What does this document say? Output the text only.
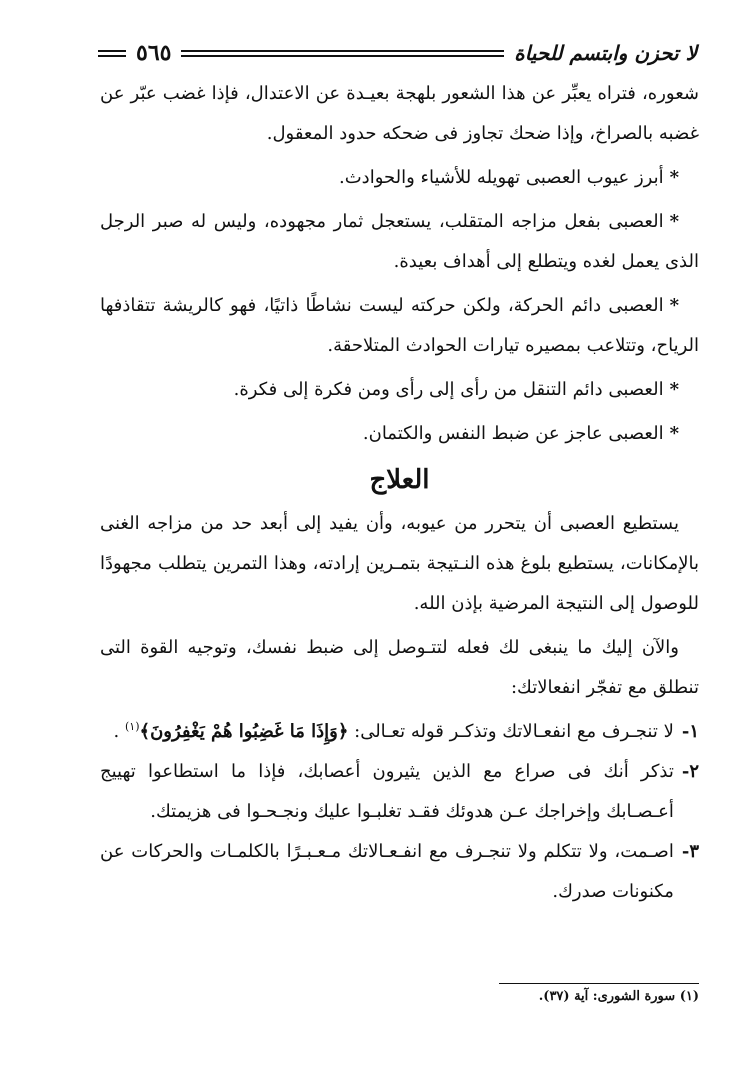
لا تحزن وابتسم للحياة
٥٦٥

شعوره، فتراه يعبِّر عن هذا الشعور بلهجة بعيـدة عن الاعتدال، فإذا غضب عبّر عن غضبه بالصراخ، وإذا ضحك تجاوز فى ضحكه حدود المعقول.

*أبرز عيوب العصبى تهويله للأشياء والحوادث.

*العصبى بفعل مزاجه المتقلب، يستعجل ثمار مجهوده، وليس له صبر الرجل الذى يعمل لغده ويتطلع إلى أهداف بعيدة.

*العصبى دائم الحركة، ولكن حركته ليست نشاطًا ذاتيًا، فهو كالريشة تتقاذفها الرياح، وتتلاعب بمصيره تيارات الحوادث المتلاحقة.

*العصبى دائم التنقل من رأى إلى رأى ومن فكرة إلى فكرة.

*العصبى عاجز عن ضبط النفس والكتمان.

العلاج

يستطيع العصبى أن يتحرر من عيوبه، وأن يفيد إلى أبعد حد من مزاجه الغنى بالإمكانات، يستطيع بلوغ هذه النـتيجة بتمـرين إرادته، وهذا التمرين يتطلب مجهودًا للوصول إلى النتيجة المرضية بإذن الله.

والآن إليك ما ينبغى لك فعله لتتـوصل إلى ضبط نفسك، وتوجيه القوة التى تنطلق مع تفجّر انفعالاتك:

١-
لا تنجـرف مع انفعـالاتك وتذكـر قوله تعـالى: ﴿وَإِذَا مَا غَضِبُوا هُمْ يَغْفِرُونَ﴾$^{(١)}$ .
٢-
تذكر أنك فى صراع مع الذين يثيرون أعصابك، فإذا ما استطاعوا تهييج أعـصـابك وإخراجك عـن هدوئك فقـد تغلبـوا عليك ونجـحـوا فى هزيمتك.
٣-
اصـمت، ولا تتكلم ولا تنجـرف مع انفـعـالاتك مـعـبـرًا بالكلمـات والحركات عن مكنونات صدرك.
(١) سورة الشورى: آية (٣٧).
